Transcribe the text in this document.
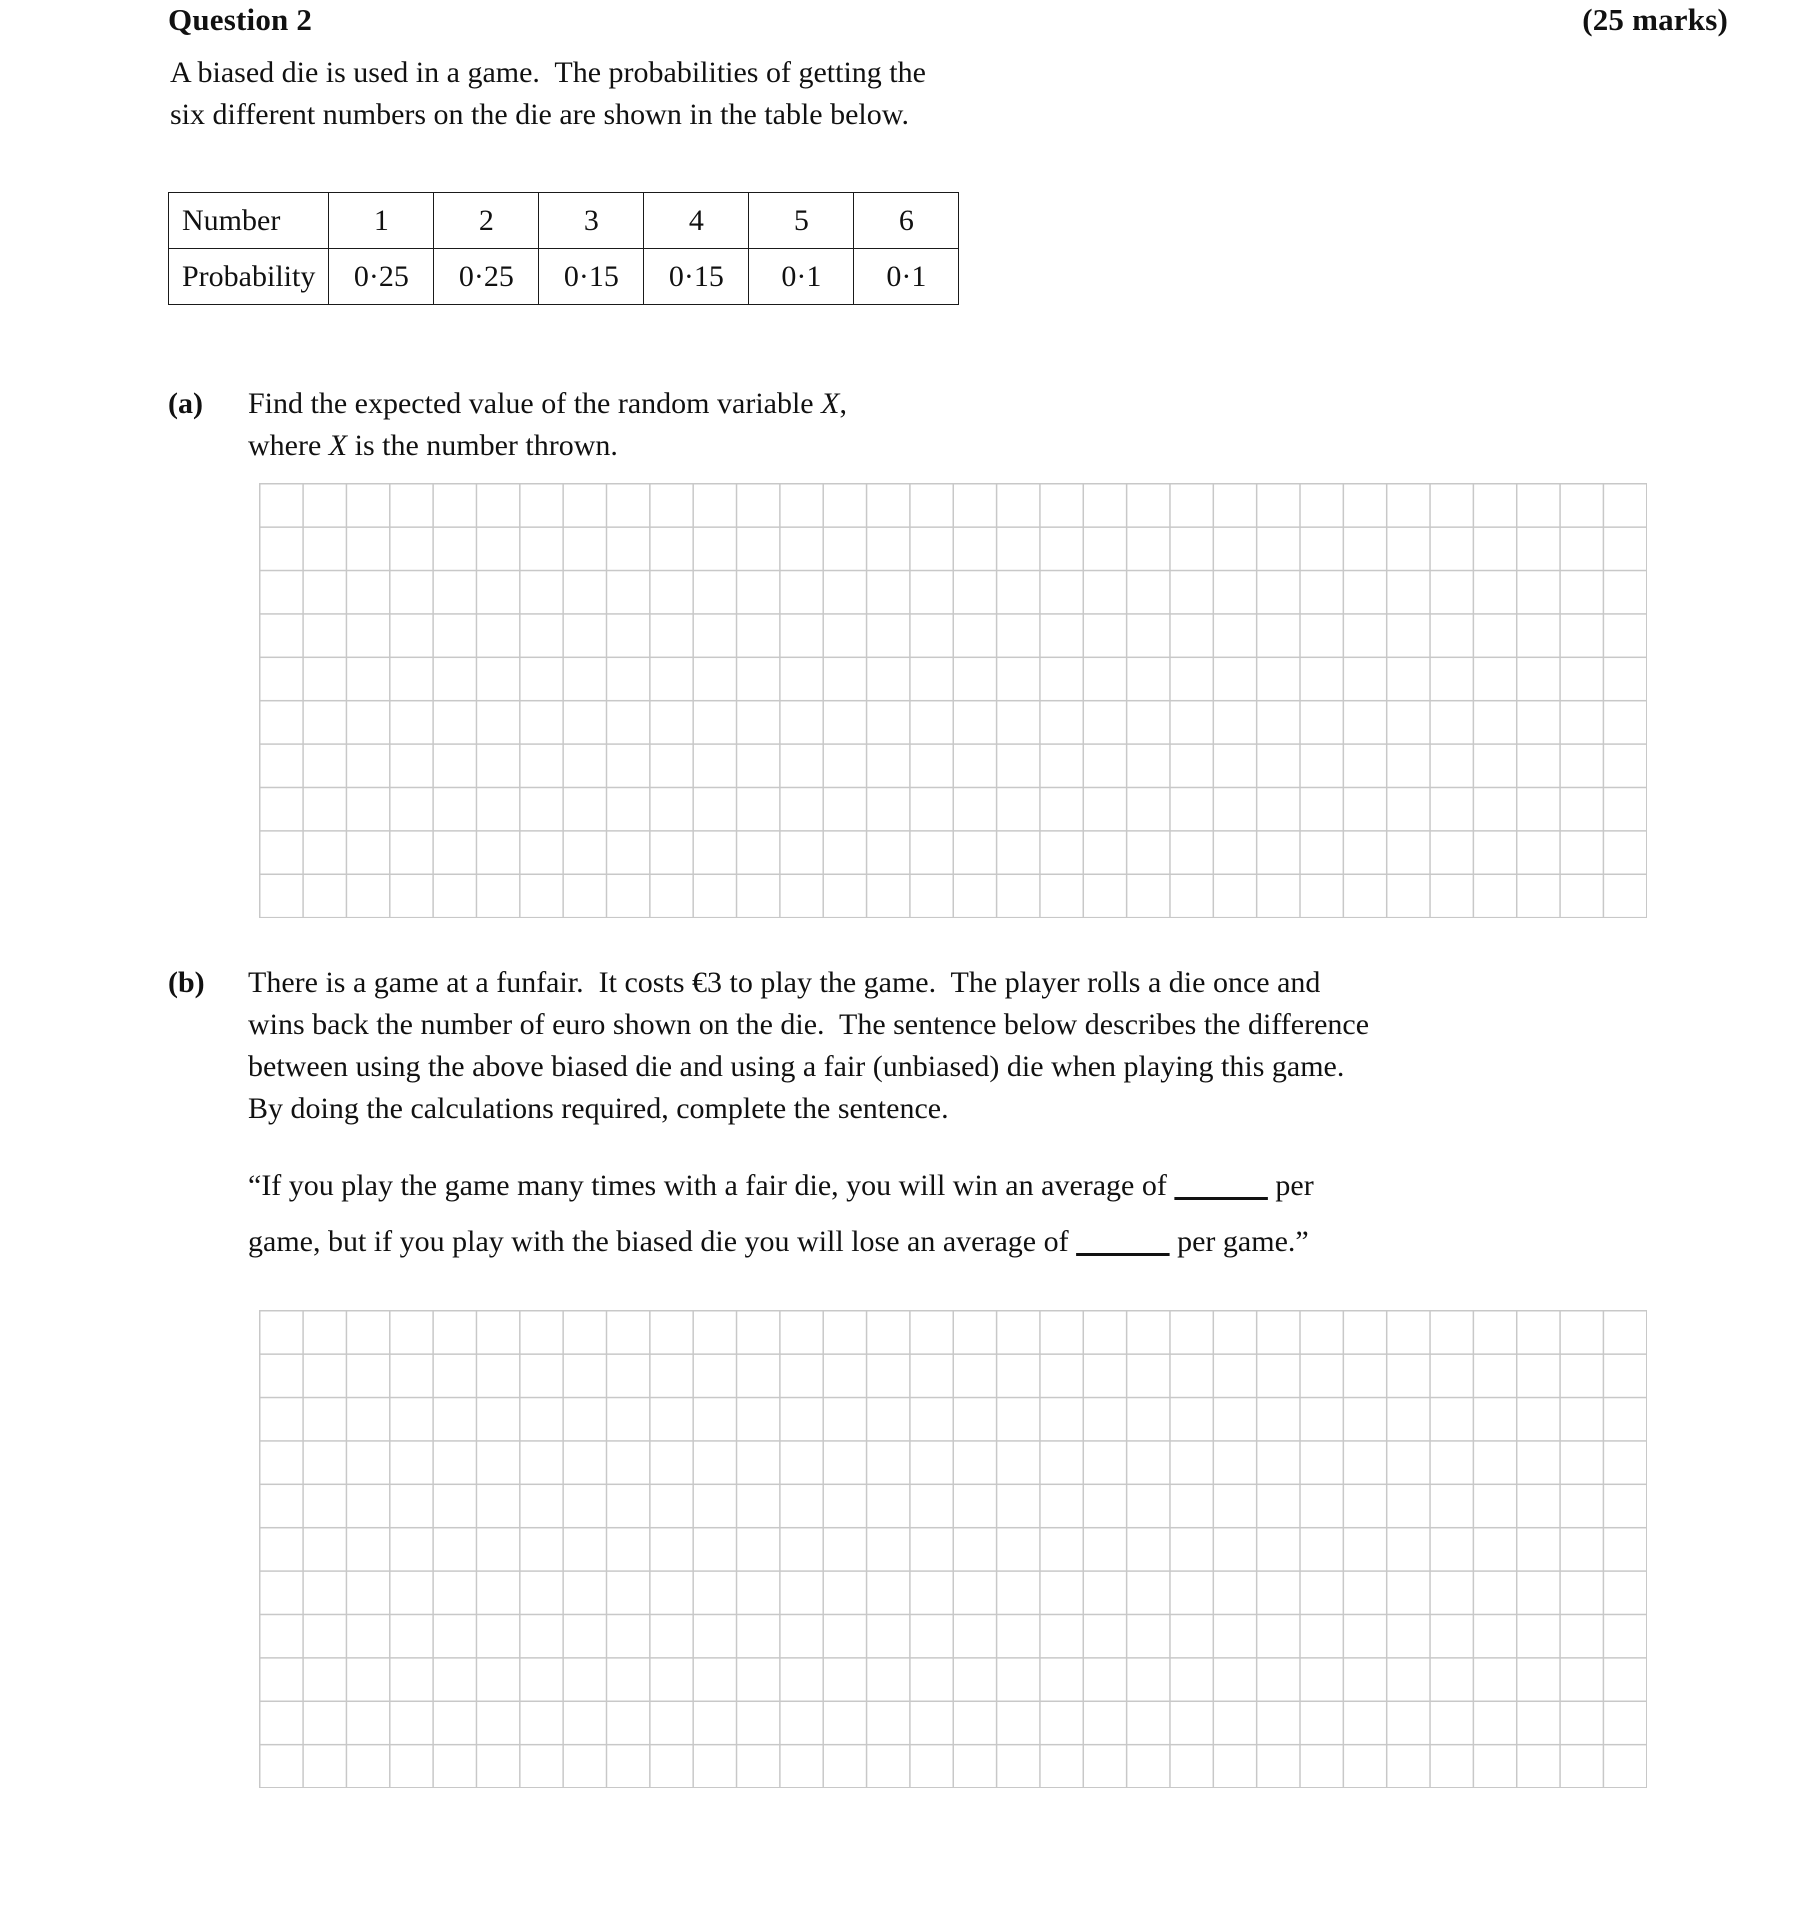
Question 2	(25 marks)
A biased die is used in a game.  The probabilities of getting the
six different numbers on the die are shown in the table below.
Number	1	2	3	4	5	6
Probability	0·25	0·25	0·15	0·15	0·1	0·1
(a)	Find the expected value of the random variable X,
where X is the number thrown.
(b)	There is a game at a funfair.  It costs €3 to play the game.  The player rolls a die once and
wins back the number of euro shown on the die.  The sentence below describes the difference
between using the above biased die and using a fair (unbiased) die when playing this game.
By doing the calculations required, complete the sentence.
“If you play the game many times with a fair die, you will win an average of	per
game, but if you play with the biased die you will lose an average of	per game.”
